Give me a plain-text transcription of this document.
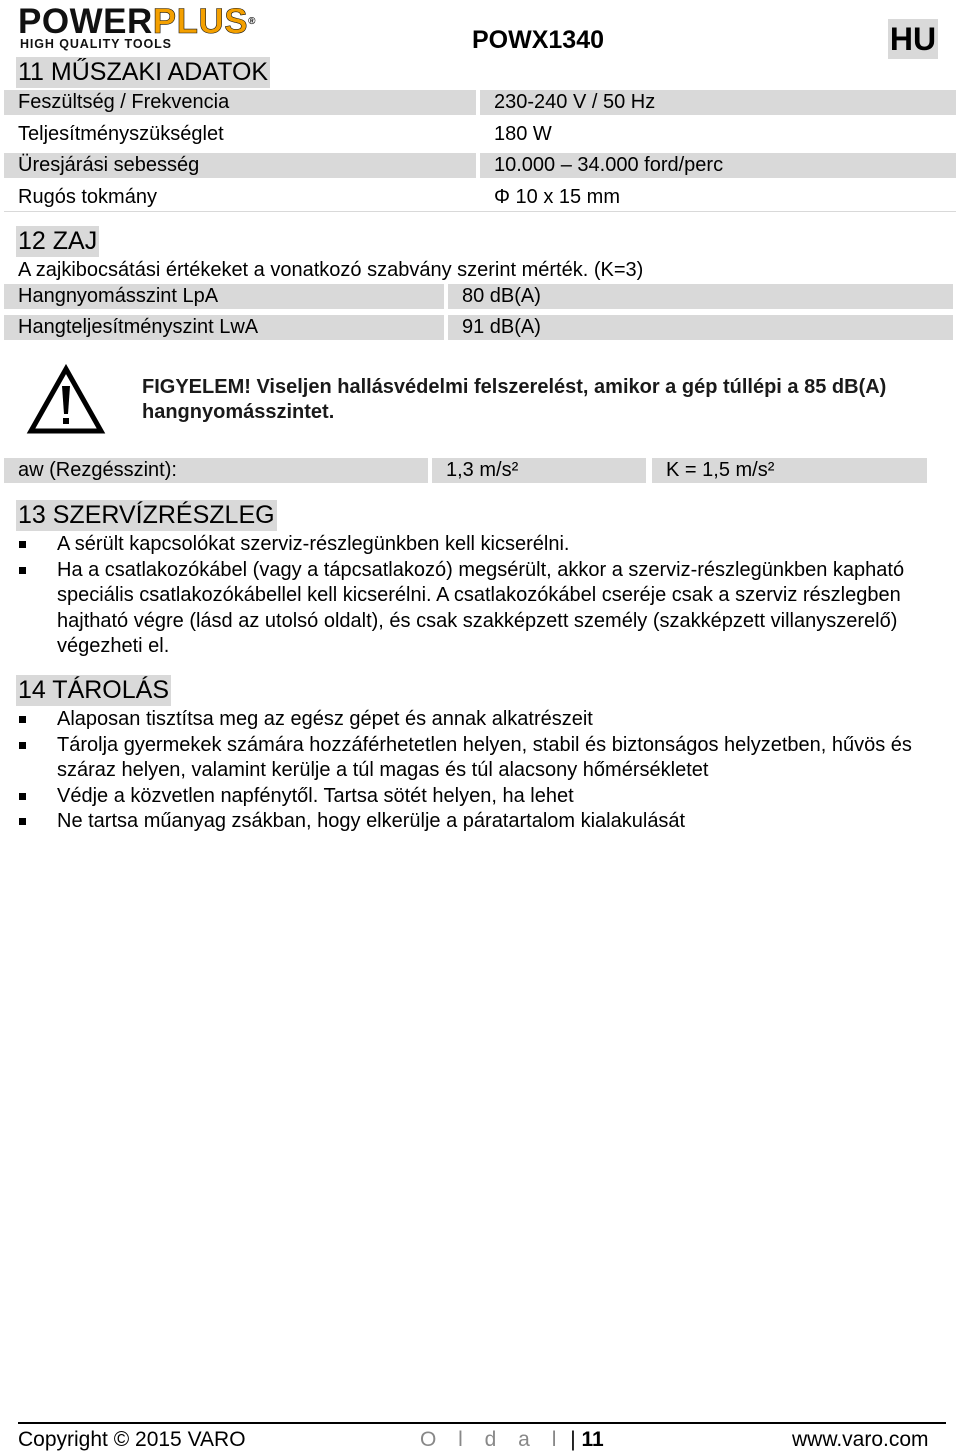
POWERPLUS®
HIGH QUALITY TOOLS	POWX1340	HU
11 MŰSZAKI ADATOK
Feszültség / Frekvencia	230-240 V / 50 Hz
Teljesítményszükséglet	180 W
Üresjárási sebesség	10.000 – 34.000 ford/perc
Rugós tokmány	Φ 10 x 15 mm
12 ZAJ
A zajkibocsátási értékeket a vonatkozó szabvány szerint mérték. (K=3)
Hangnyomásszint LpA	80 dB(A)
Hangteljesítményszint LwA	91 dB(A)
FIGYELEM! Viseljen hallásvédelmi felszerelést, amikor a gép túllépi a 85 dB(A) hangnyomásszintet.
aw (Rezgésszint):	1,3 m/s²	K = 1,5 m/s²
13 SZERVÍZRÉSZLEG
A sérült kapcsolókat szerviz-részlegünkben kell kicserélni.
Ha a csatlakozókábel (vagy a tápcsatlakozó) megsérült, akkor a szerviz-részlegünkben kapható speciális csatlakozókábellel kell kicserélni. A csatlakozókábel cseréje csak a szerviz részlegben hajtható végre (lásd az utolsó oldalt), és csak szakképzett személy (szakképzett villanyszerelő) végezheti el.
14 TÁROLÁS
Alaposan tisztítsa meg az egész gépet és annak alkatrészeit
Tárolja gyermekek számára hozzáférhetetlen helyen, stabil és biztonságos helyzetben, hűvös és száraz helyen, valamint kerülje a túl magas és túl alacsony hőmérsékletet
Védje a közvetlen napfénytől. Tartsa sötét helyen, ha lehet
Ne tartsa műanyag zsákban, hogy elkerülje a páratartalom kialakulását
Copyright © 2015 VARO	O l d a l | 11	www.varo.com
